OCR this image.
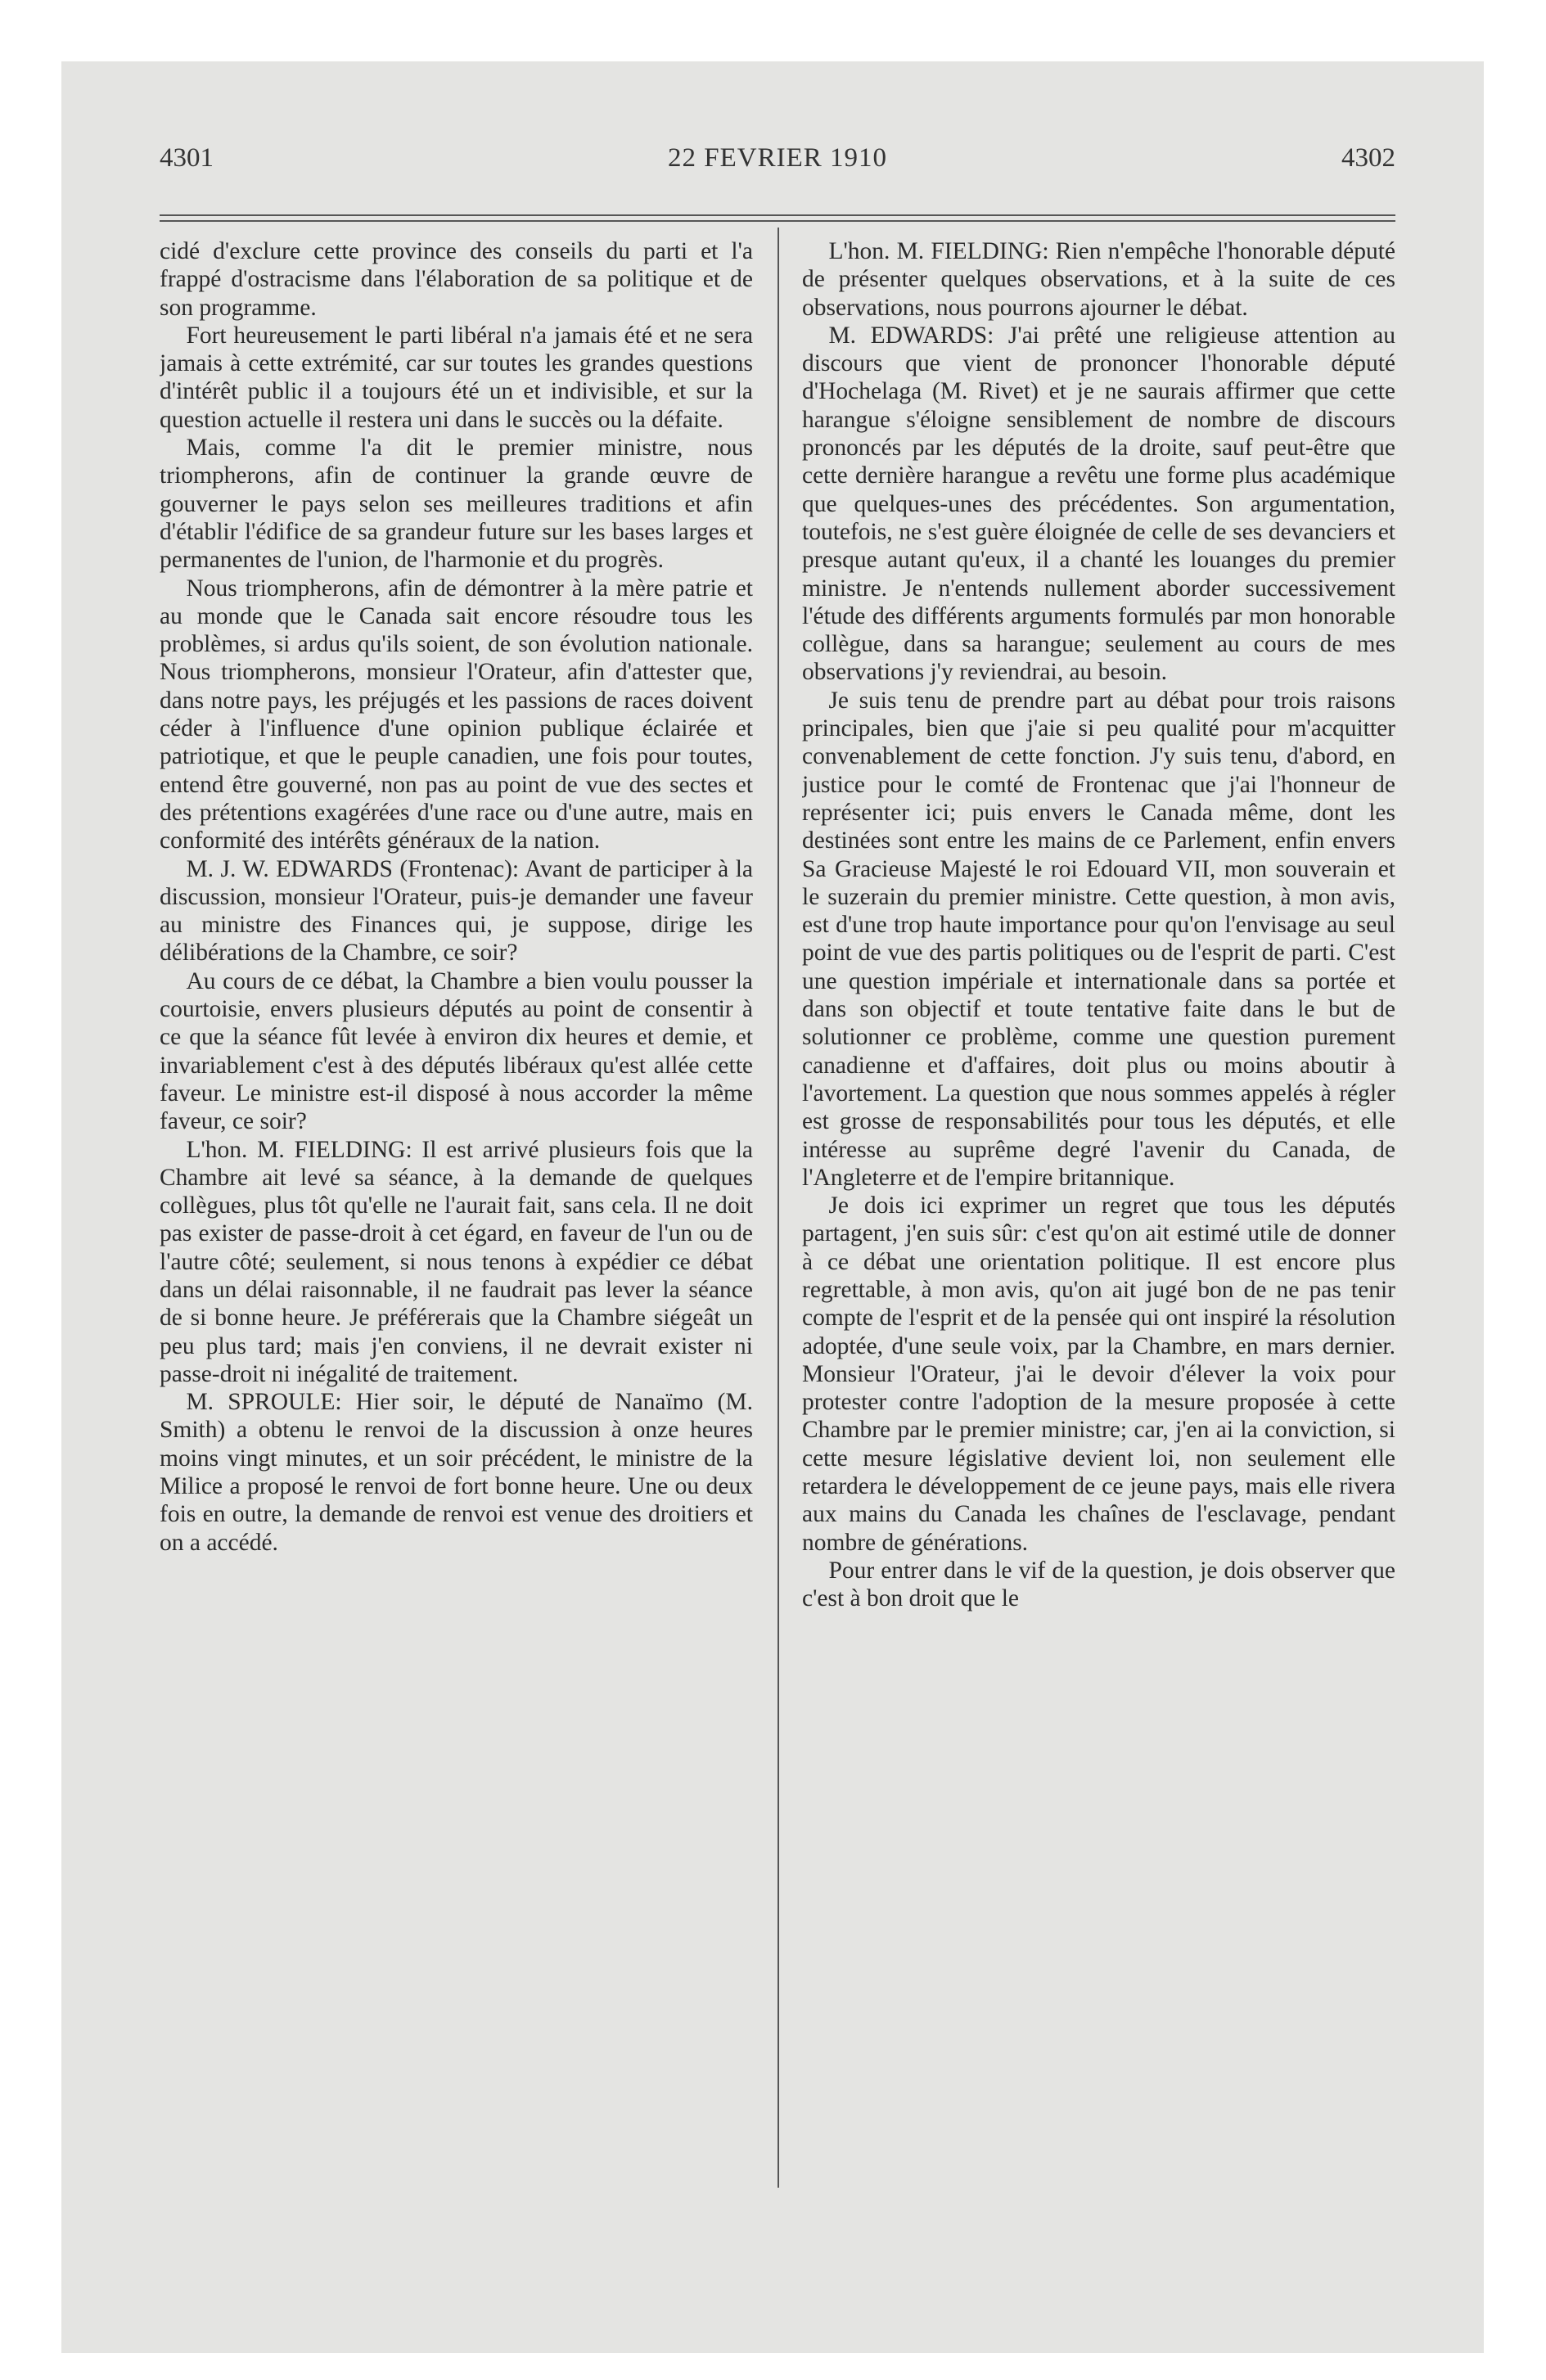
4301	22 FEVRIER 1910	4302

cidé d'exclure cette province des conseils du parti et l'a frappé d'ostracisme dans l'élaboration de sa politique et de son programme.

Fort heureusement le parti libéral n'a jamais été et ne sera jamais à cette extrémité, car sur toutes les grandes questions d'intérêt public il a toujours été un et indivisible, et sur la question actuelle il restera uni dans le succès ou la défaite.

Mais, comme l'a dit le premier ministre, nous triompherons, afin de continuer la grande œuvre de gouverner le pays selon ses meilleures traditions et afin d'établir l'édifice de sa grandeur future sur les bases larges et permanentes de l'union, de l'harmonie et du progrès.

Nous triompherons, afin de démontrer à la mère patrie et au monde que le Canada sait encore résoudre tous les problèmes, si ardus qu'ils soient, de son évolution nationale. Nous triompherons, monsieur l'Orateur, afin d'attester que, dans notre pays, les préjugés et les passions de races doivent céder à l'influence d'une opinion publique éclairée et patriotique, et que le peuple canadien, une fois pour toutes, entend être gouverné, non pas au point de vue des sectes et des prétentions exagérées d'une race ou d'une autre, mais en conformité des intérêts généraux de la nation.

M. J. W. EDWARDS (Frontenac): Avant de participer à la discussion, monsieur l'Orateur, puis-je demander une faveur au ministre des Finances qui, je suppose, dirige les délibérations de la Chambre, ce soir?

Au cours de ce débat, la Chambre a bien voulu pousser la courtoisie, envers plusieurs députés au point de consentir à ce que la séance fût levée à environ dix heures et demie, et invariablement c'est à des députés libéraux qu'est allée cette faveur. Le ministre est-il disposé à nous accorder la même faveur, ce soir?

L'hon. M. FIELDING: Il est arrivé plusieurs fois que la Chambre ait levé sa séance, à la demande de quelques collègues, plus tôt qu'elle ne l'aurait fait, sans cela. Il ne doit pas exister de passe-droit à cet égard, en faveur de l'un ou de l'autre côté; seulement, si nous tenons à expédier ce débat dans un délai raisonnable, il ne faudrait pas lever la séance de si bonne heure. Je préférerais que la Chambre siégeât un peu plus tard; mais j'en conviens, il ne devrait exister ni passe-droit ni inégalité de traitement.

M. SPROULE: Hier soir, le député de Nanaïmo (M. Smith) a obtenu le renvoi de la discussion à onze heures moins vingt minutes, et un soir précédent, le ministre de la Milice a proposé le renvoi de fort bonne heure. Une ou deux fois en outre, la demande de renvoi est venue des droitiers et on a accédé.

L'hon. M. FIELDING: Rien n'empêche l'honorable député de présenter quelques observations, et à la suite de ces observations, nous pourrons ajourner le débat.

M. EDWARDS: J'ai prêté une religieuse attention au discours que vient de prononcer l'honorable député d'Hochelaga (M. Rivet) et je ne saurais affirmer que cette harangue s'éloigne sensiblement de nombre de discours prononcés par les députés de la droite, sauf peut-être que cette dernière harangue a revêtu une forme plus académique que quelques-unes des précédentes. Son argumentation, toutefois, ne s'est guère éloignée de celle de ses devanciers et presque autant qu'eux, il a chanté les louanges du premier ministre. Je n'entends nullement aborder successivement l'étude des différents arguments formulés par mon honorable collègue, dans sa harangue; seulement au cours de mes observations j'y reviendrai, au besoin.

Je suis tenu de prendre part au débat pour trois raisons principales, bien que j'aie si peu qualité pour m'acquitter convenablement de cette fonction. J'y suis tenu, d'abord, en justice pour le comté de Frontenac que j'ai l'honneur de représenter ici; puis envers le Canada même, dont les destinées sont entre les mains de ce Parlement, enfin envers Sa Gracieuse Majesté le roi Edouard VII, mon souverain et le suzerain du premier ministre. Cette question, à mon avis, est d'une trop haute importance pour qu'on l'envisage au seul point de vue des partis politiques ou de l'esprit de parti. C'est une question impériale et internationale dans sa portée et dans son objectif et toute tentative faite dans le but de solutionner ce problème, comme une question purement canadienne et d'affaires, doit plus ou moins aboutir à l'avortement. La question que nous sommes appelés à régler est grosse de responsabilités pour tous les députés, et elle intéresse au suprême degré l'avenir du Canada, de l'Angleterre et de l'empire britannique.

Je dois ici exprimer un regret que tous les députés partagent, j'en suis sûr: c'est qu'on ait estimé utile de donner à ce débat une orientation politique. Il est encore plus regrettable, à mon avis, qu'on ait jugé bon de ne pas tenir compte de l'esprit et de la pensée qui ont inspiré la résolution adoptée, d'une seule voix, par la Chambre, en mars dernier. Monsieur l'Orateur, j'ai le devoir d'élever la voix pour protester contre l'adoption de la mesure proposée à cette Chambre par le premier ministre; car, j'en ai la conviction, si cette mesure législative devient loi, non seulement elle retardera le développement de ce jeune pays, mais elle rivera aux mains du Canada les chaînes de l'esclavage, pendant nombre de générations.

Pour entrer dans le vif de la question, je dois observer que c'est à bon droit que le
